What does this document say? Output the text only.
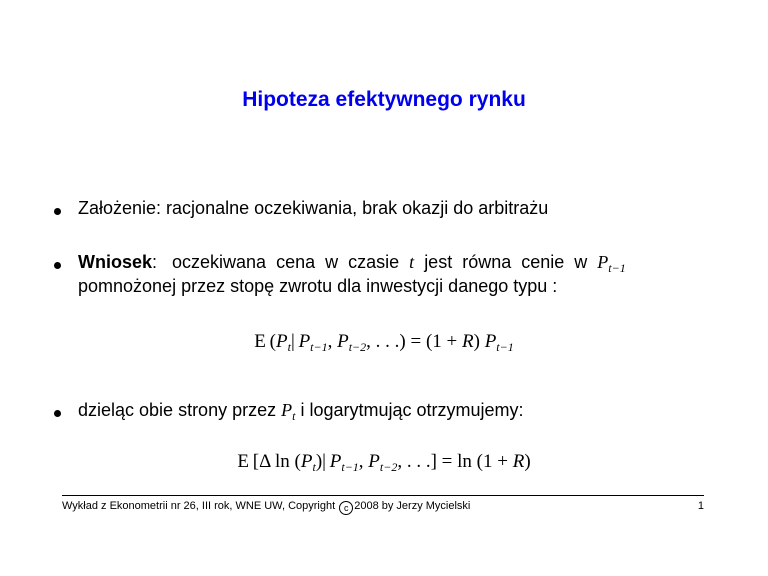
Hipoteza efektywnego rynku
Założenie: racjonalne oczekiwania, brak okazji do arbitrażu
Wniosek:   oczekiwana  cena  w  czasie t jest  równa  cenie  w $P_{t-1}$
pomnożonej przez stopę zwrotu dla inwestycji danego typu :
E ($P_t|$ $P_{t-1}$, $P_{t-2}$, . . .) = (1 + R) $P_{t-1}$
dzieląc obie strony przez $P_t$ i logarytmując otrzymujemy:
E [Δ $\ln (P_t)|$ $P_{t-1}$, $P_{t-2}$, . . .] = ln (1 + R)
Wykład z Ekonometrii nr 26, III rok, WNE UW, Copyright c 2008 by Jerzy Mycielski	1
